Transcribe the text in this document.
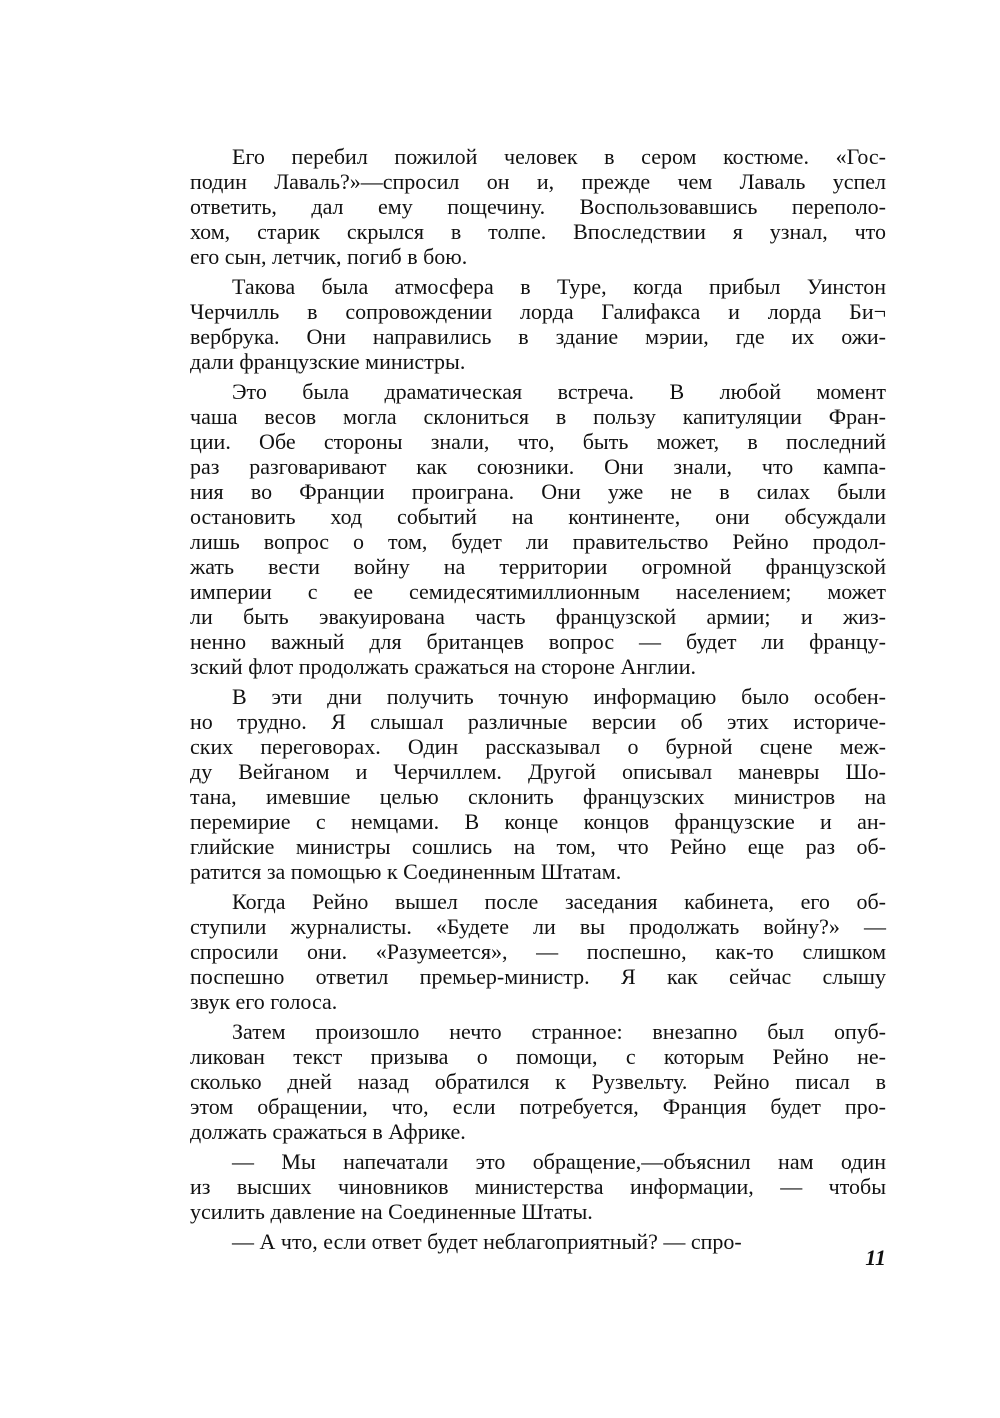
Его перебил пожилой человек в сером костюме. «Гос-
подин Лаваль?»—спросил он и, прежде чем Лаваль успел
ответить, дал ему пощечину. Воспользовавшись переполо-
хом, старик скрылся в толпе. Впоследствии я узнал, что
его сын, летчик, погиб в бою.

Такова была атмосфера в Туре, когда прибыл Уинстон
Черчилль в сопровождении лорда Галифакса и лорда Би¬
вербрука. Они направились в здание мэрии, где их ожи-
дали французские министры.

Это была драматическая встреча. В любой момент
чаша весов могла склониться в пользу капитуляции Фран-
ции. Обе стороны знали, что, быть может, в последний
раз разговаривают как союзники. Они знали, что кампа-
ния во Франции проиграна. Они уже не в силах были
остановить ход событий на континенте, они обсуждали
лишь вопрос о том, будет ли правительство Рейно продол-
жать вести войну на территории огромной французской
империи с ее семидесятимиллионным населением; может
ли быть эвакуирована часть французской армии; и жиз-
ненно важный для британцев вопрос — будет ли францу-
зский флот продолжать сражаться на стороне Англии.

В эти дни получить точную информацию было особен-
но трудно. Я слышал различные версии об этих историче-
ских переговорах. Один рассказывал о бурной сцене меж-
ду Вейганом и Черчиллем. Другой описывал маневры Шо-
тана, имевшие целью склонить французских министров на
перемирие с немцами. В конце концов французские и ан-
глийские министры сошлись на том, что Рейно еще раз об-
ратится за помощью к Соединенным Штатам.

Когда Рейно вышел после заседания кабинета, его об-
ступили журналисты. «Будете ли вы продолжать войну?» —
спросили они. «Разумеется», — поспешно, как-то слишком
поспешно ответил премьер-министр. Я как сейчас слышу
звук его голоса.

Затем произошло нечто странное: внезапно был опуб-
ликован текст призыва о помощи, с которым Рейно не-
сколько дней назад обратился к Рузвельту. Рейно писал в
этом обращении, что, если потребуется, Франция будет про-
должать сражаться в Африке.

— Мы напечатали это обращение,—объяснил нам один
из высших чиновников министерства информации, — чтобы
усилить давление на Соединенные Штаты.

— А что, если ответ будет неблагоприятный? — спро-

11
